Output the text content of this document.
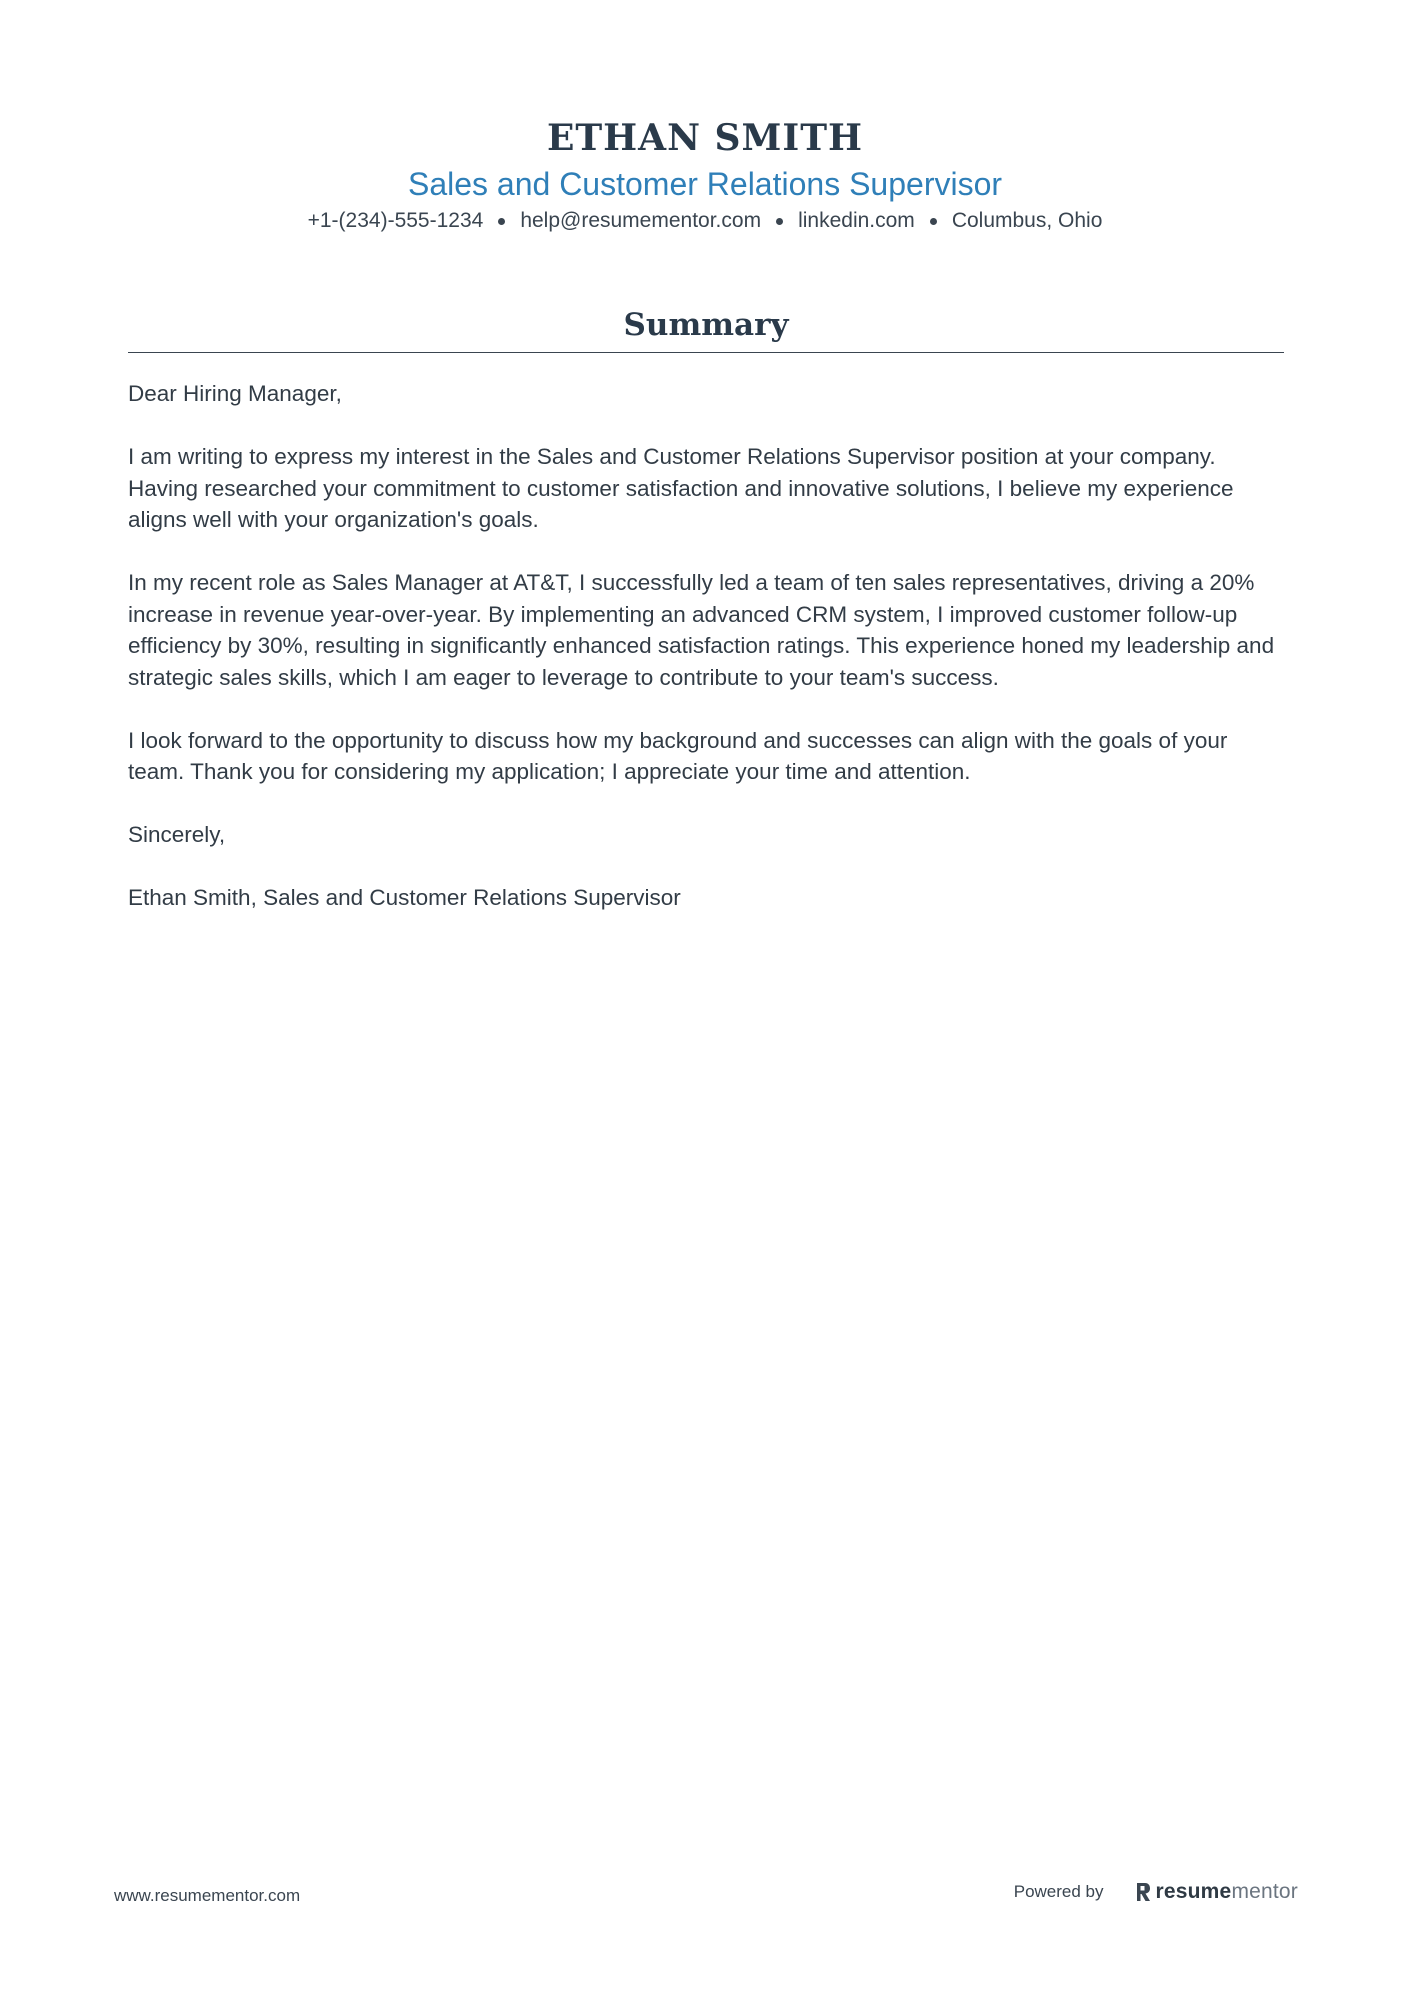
ETHAN SMITH
Sales and Customer Relations Supervisor
+1-(234)-555-1234 help@resumementor.com linkedin.com Columbus, Ohio
Summary

Dear Hiring Manager,

I am writing to express my interest in the Sales and Customer Relations Supervisor position at your company. Having researched your commitment to customer satisfaction and innovative solutions, I believe my experience aligns well with your organization's goals.

In my recent role as Sales Manager at AT&T, I successfully led a team of ten sales representatives, driving a 20% increase in revenue year-over-year. By implementing an advanced CRM system, I improved customer follow-up efficiency by 30%, resulting in significantly enhanced satisfaction ratings. This experience honed my leadership and strategic sales skills, which I am eager to leverage to contribute to your team's success.

I look forward to the opportunity to discuss how my background and successes can align with the goals of your team. Thank you for considering my application; I appreciate your time and attention.

Sincerely,

Ethan Smith, Sales and Customer Relations Supervisor

www.resumementor.com	Powered by resumementor
